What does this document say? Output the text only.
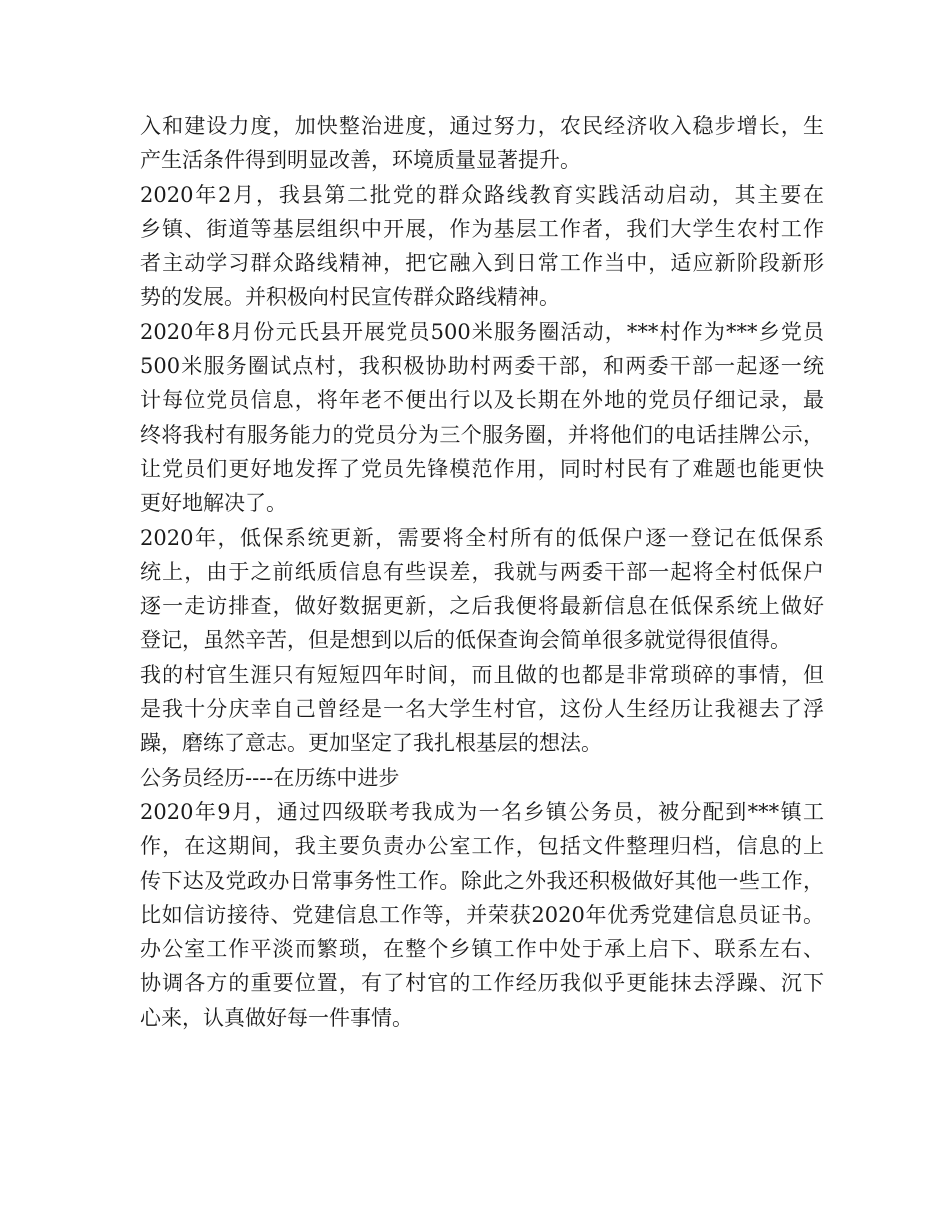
入和建设力度，加快整治进度，通过努力，农民经济收入稳步增长，生
产生活条件得到明显改善，环境质量显著提升。
2020年2月，我县第二批党的群众路线教育实践活动启动，其主要在
乡镇、街道等基层组织中开展，作为基层工作者，我们大学生农村工作
者主动学习群众路线精神，把它融入到日常工作当中，适应新阶段新形
势的发展。并积极向村民宣传群众路线精神。
2020年8月份元氏县开展党员500米服务圈活动，***村作为***乡党员
500米服务圈试点村，我积极协助村两委干部，和两委干部一起逐一统
计每位党员信息，将年老不便出行以及长期在外地的党员仔细记录，最
终将我村有服务能力的党员分为三个服务圈，并将他们的电话挂牌公示，
让党员们更好地发挥了党员先锋模范作用，同时村民有了难题也能更快
更好地解决了。
2020年，低保系统更新，需要将全村所有的低保户逐一登记在低保系
统上，由于之前纸质信息有些误差，我就与两委干部一起将全村低保户
逐一走访排查，做好数据更新，之后我便将最新信息在低保系统上做好
登记，虽然辛苦，但是想到以后的低保查询会简单很多就觉得很值得。
我的村官生涯只有短短四年时间，而且做的也都是非常琐碎的事情，但
是我十分庆幸自己曾经是一名大学生村官，这份人生经历让我褪去了浮
躁，磨练了意志。更加坚定了我扎根基层的想法。
公务员经历----在历练中进步
2020年9月，通过四级联考我成为一名乡镇公务员，被分配到***镇工
作，在这期间，我主要负责办公室工作，包括文件整理归档，信息的上
传下达及党政办日常事务性工作。除此之外我还积极做好其他一些工作，
比如信访接待、党建信息工作等，并荣获2020年优秀党建信息员证书。
办公室工作平淡而繁琐，在整个乡镇工作中处于承上启下、联系左右、
协调各方的重要位置，有了村官的工作经历我似乎更能抹去浮躁、沉下
心来，认真做好每一件事情。
